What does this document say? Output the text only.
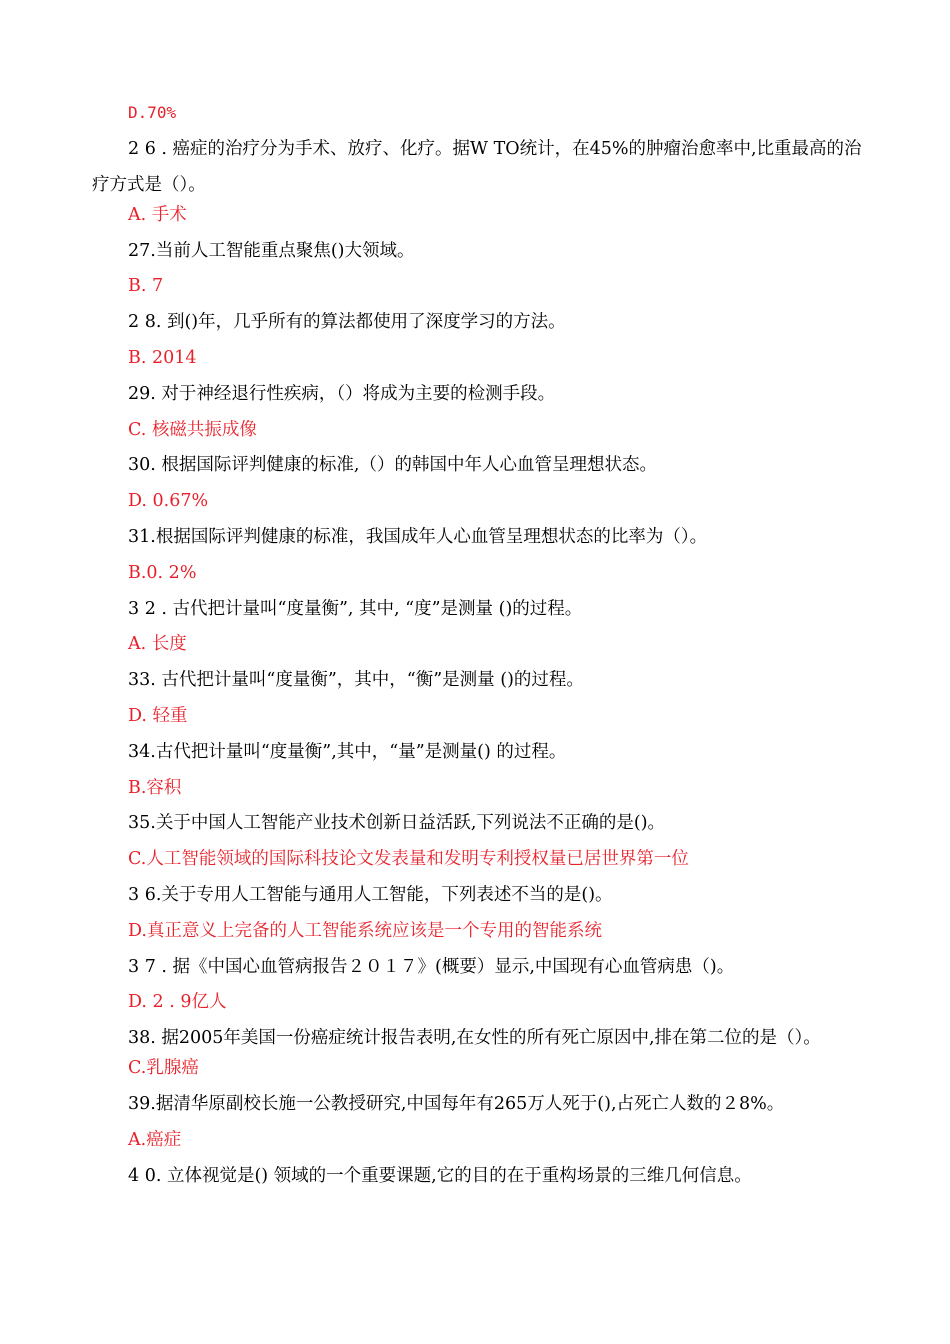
D.70%
2 6 . 癌症的治疗分为手术、放疗、化疗。据W TO统计，在45%的肿瘤治愈率中,比重最高的治疗方式是（）。
A. 手术
27.当前人工智能重点聚焦()大领域。
B. 7
2 8. 到()年，几乎所有的算法都使用了深度学习的方法。
B. 2014
29. 对于神经退行性疾病，（）将成为主要的检测手段。
C. 核磁共振成像
30. 根据国际评判健康的标准,（）的韩国中年人心血管呈理想状态。
D. 0.67%
31.根据国际评判健康的标准，我国成年人心血管呈理想状态的比率为（）。
B.0. 2%
3 2 . 古代把计量叫“度量衡”, 其中, “度”是测量 ()的过程。
A. 长度
33. 古代把计量叫“度量衡”，其中，“衡”是测量 ()的过程。
D. 轻重
34.古代把计量叫“度量衡”,其中，“量”是测量() 的过程。
B.容积
35.关于中国人工智能产业技术创新日益活跃,下列说法不正确的是()。
C.人工智能领域的国际科技论文发表量和发明专利授权量已居世界第一位
3 6.关于专用人工智能与通用人工智能，下列表述不当的是()。
D.真正意义上完备的人工智能系统应该是一个专用的智能系统
3 7 . 据《中国心血管病报告２０１７》(概要）显示,中国现有心血管病患（)。
D. 2 . 9亿人
38. 据2005年美国一份癌症统计报告表明,在女性的所有死亡原因中,排在第二位的是（）。
C.乳腺癌
39.据清华原副校长施一公教授研究,中国每年有265万人死于(),占死亡人数的２8%。
A.癌症
4 0. 立体视觉是() 领域的一个重要课题,它的目的在于重构场景的三维几何信息。
